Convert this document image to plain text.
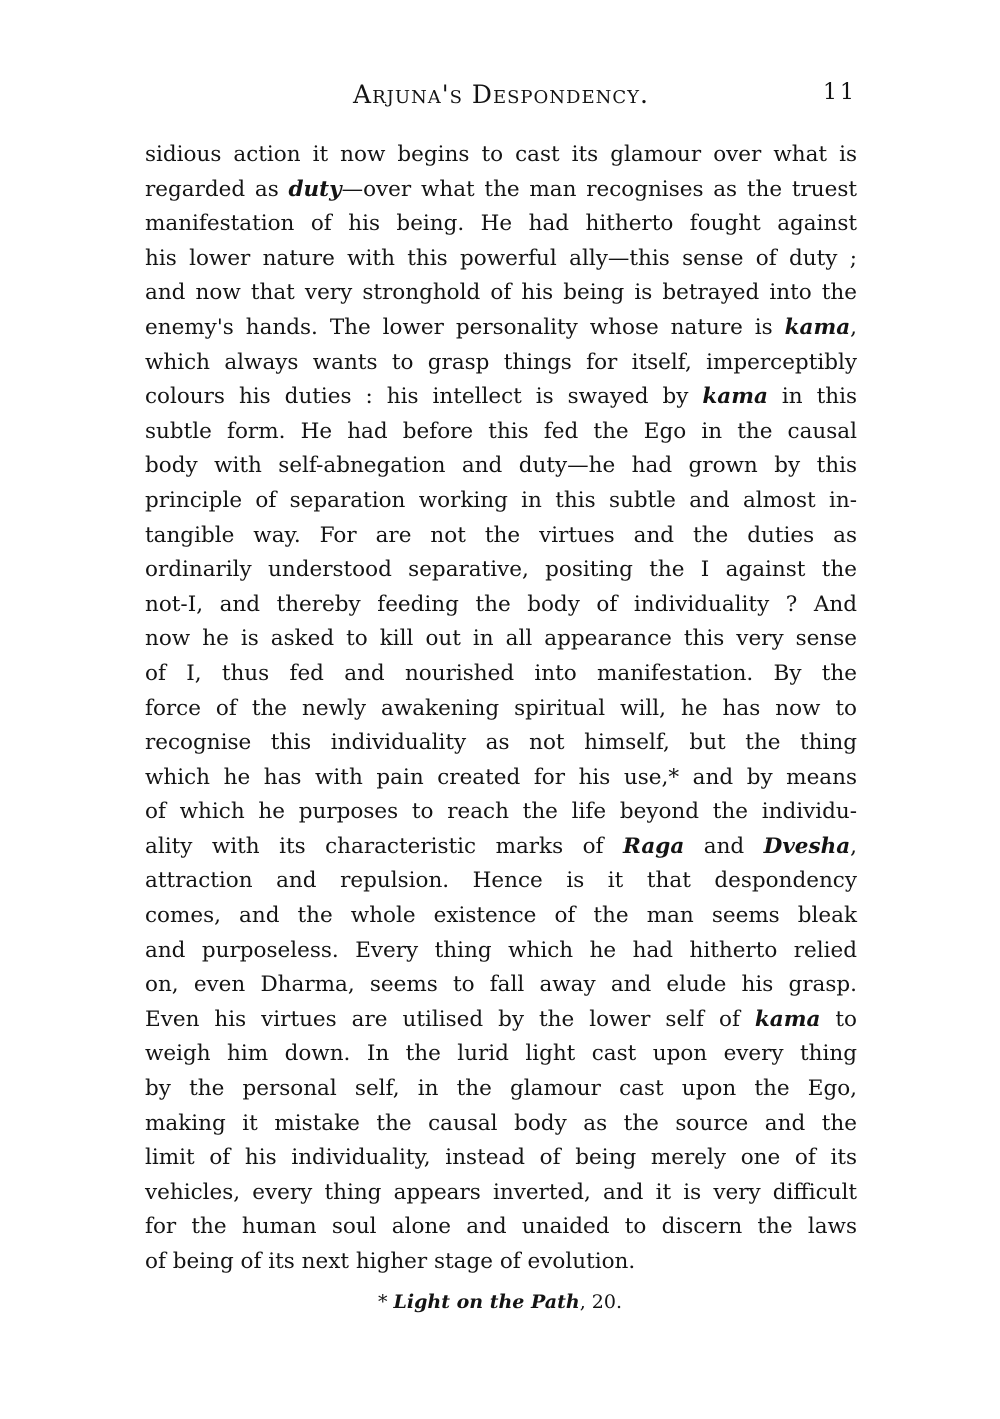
Arjuna's Despondency.	11
sidious action it now begins to cast its glamour over what is
regarded as duty—over what the man recognises as the truest
manifestation of his being. He had hitherto fought against
his lower nature with this powerful ally—this sense of duty ;
and now that very stronghold of his being is betrayed into the
enemy's hands. The lower personality whose nature is kama,
which always wants to grasp things for itself, imperceptibly
colours his duties : his intellect is swayed by kama in this
subtle form. He had before this fed the Ego in the causal
body with self-abnegation and duty—he had grown by this
principle of separation working in this subtle and almost in-
tangible way. For are not the virtues and the duties as
ordinarily understood separative, positing the I against the
not-I, and thereby feeding the body of individuality ? And
now he is asked to kill out in all appearance this very sense
of I, thus fed and nourished into manifestation. By the
force of the newly awakening spiritual will, he has now to
recognise this individuality as not himself, but the thing
which he has with pain created for his use,* and by means
of which he purposes to reach the life beyond the individu-
ality with its characteristic marks of Raga and Dvesha,
attraction and repulsion. Hence is it that despondency
comes, and the whole existence of the man seems bleak
and purposeless. Every thing which he had hitherto relied
on, even Dharma, seems to fall away and elude his grasp.
Even his virtues are utilised by the lower self of kama to
weigh him down. In the lurid light cast upon every thing
by the personal self, in the glamour cast upon the Ego,
making it mistake the causal body as the source and the
limit of his individuality, instead of being merely one of its
vehicles, every thing appears inverted, and it is very difficult
for the human soul alone and unaided to discern the laws
of being of its next higher stage of evolution.
* Light on the Path, 20.
